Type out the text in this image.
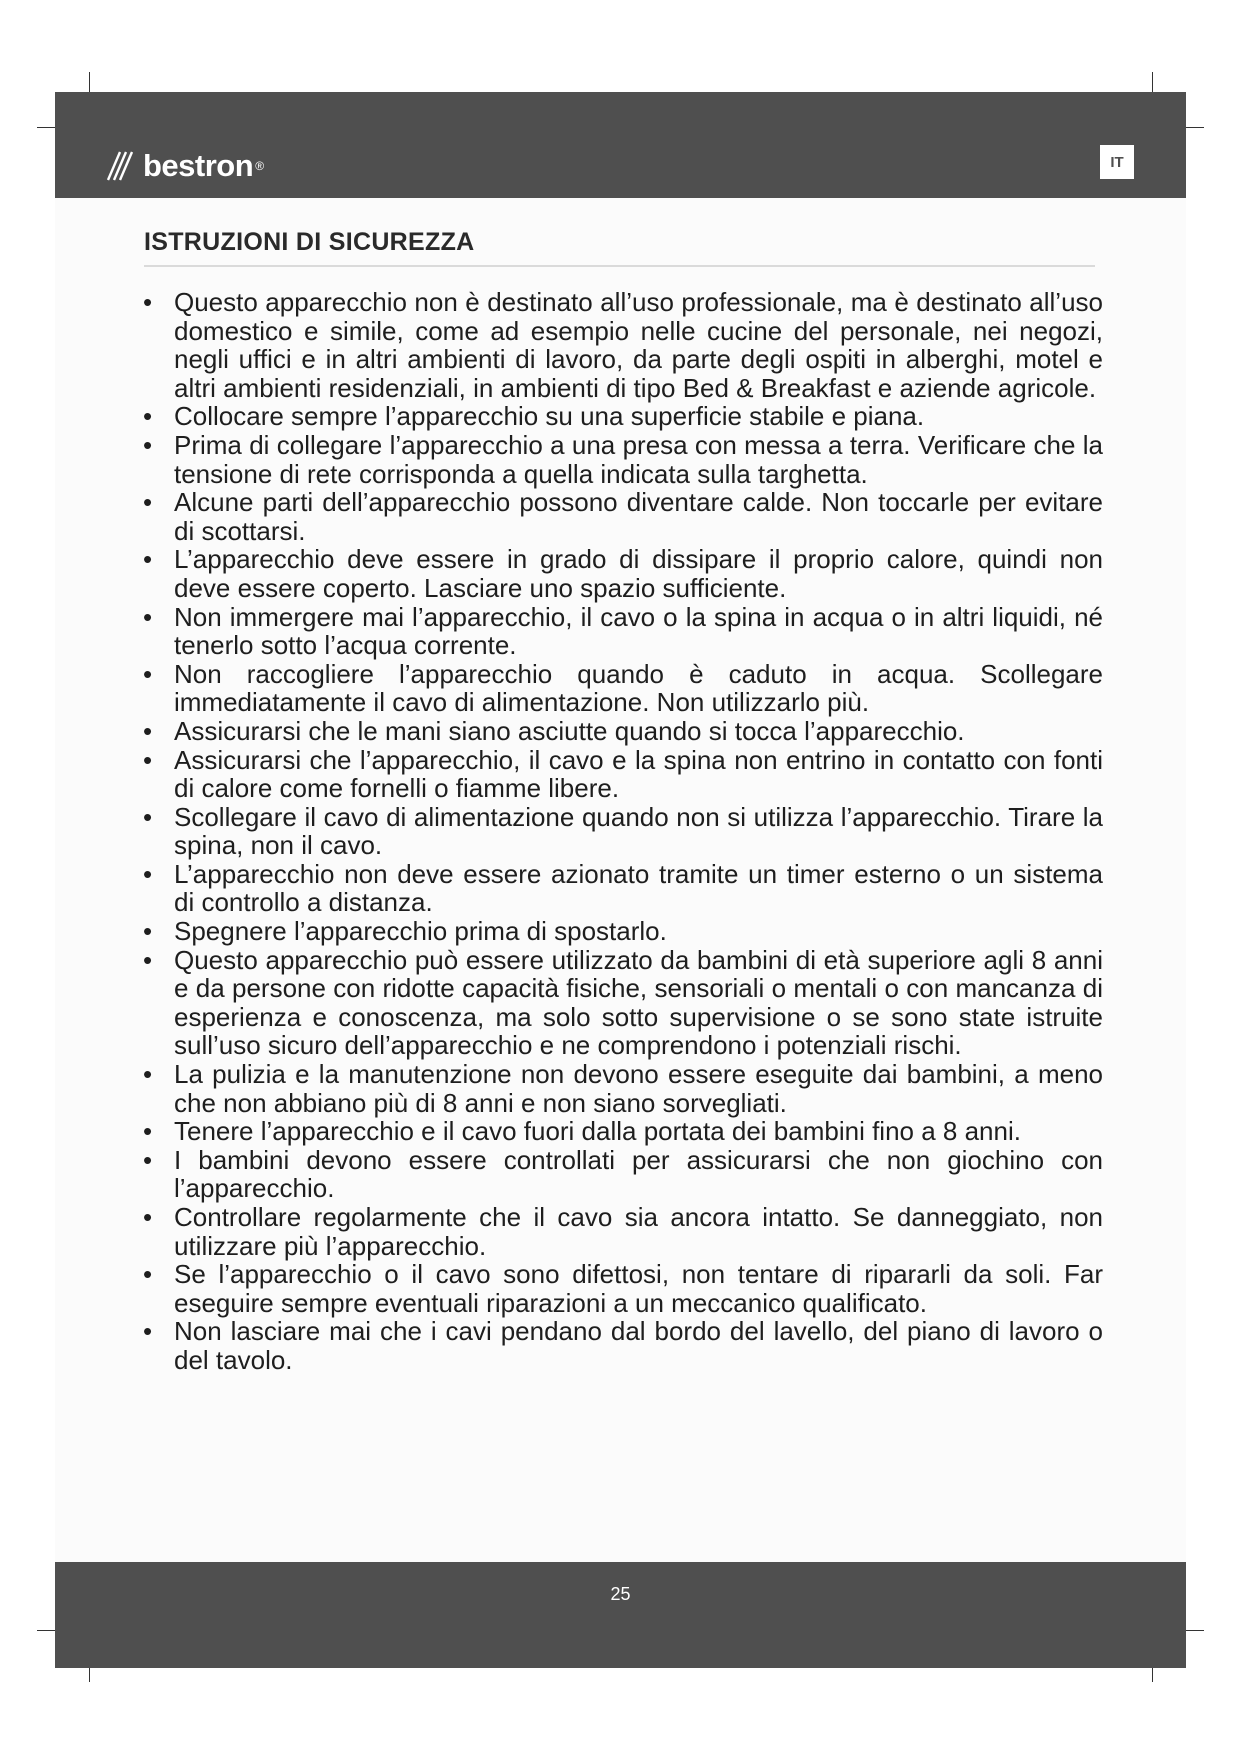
bestron ®	IT
ISTRUZIONI DI SICUREZZA
• Questo apparecchio non è destinato all’uso professionale, ma è destinato all’uso domestico e simile, come ad esempio nelle cucine del personale, nei negozi, negli uffici e in altri ambienti di lavoro, da parte degli ospiti in alberghi, motel e altri ambienti residenziali, in ambienti di tipo Bed & Breakfast e aziende agricole.
• Collocare sempre l’apparecchio su una superficie stabile e piana.
• Prima di collegare l’apparecchio a una presa con messa a terra. Verificare che la tensione di rete corrisponda a quella indicata sulla targhetta.
• Alcune parti dell’apparecchio possono diventare calde. Non toccarle per evitare di scottarsi.
• L’apparecchio deve essere in grado di dissipare il proprio calore, quindi non deve essere coperto. Lasciare uno spazio sufficiente.
• Non immergere mai l’apparecchio, il cavo o la spina in acqua o in altri liquidi, né tenerlo sotto l’acqua corrente.
• Non raccogliere l’apparecchio quando è caduto in acqua. Scollegare immediatamente il cavo di alimentazione. Non utilizzarlo più.
• Assicurarsi che le mani siano asciutte quando si tocca l’apparecchio.
• Assicurarsi che l’apparecchio, il cavo e la spina non entrino in contatto con fonti di calore come fornelli o fiamme libere.
• Scollegare il cavo di alimentazione quando non si utilizza l’apparecchio. Tirare la spina, non il cavo.
• L’apparecchio non deve essere azionato tramite un timer esterno o un sistema di controllo a distanza.
• Spegnere l’apparecchio prima di spostarlo.
• Questo apparecchio può essere utilizzato da bambini di età superiore agli 8 anni e da persone con ridotte capacità fisiche, sensoriali o mentali o con mancanza di esperienza e conoscenza, ma solo sotto supervisione o se sono state istruite sull’uso sicuro dell’apparecchio e ne comprendono i potenziali rischi.
• La pulizia e la manutenzione non devono essere eseguite dai bambini, a meno che non abbiano più di 8 anni e non siano sorvegliati.
• Tenere l’apparecchio e il cavo fuori dalla portata dei bambini fino a 8 anni.
• I bambini devono essere controllati per assicurarsi che non giochino con l’apparecchio.
• Controllare regolarmente che il cavo sia ancora intatto. Se danneggiato, non utilizzare più l’apparecchio.
• Se l’apparecchio o il cavo sono difettosi, non tentare di ripararli da soli. Far eseguire sempre eventuali riparazioni a un meccanico qualificato.
• Non lasciare mai che i cavi pendano dal bordo del lavello, del piano di lavoro o del tavolo.
25
